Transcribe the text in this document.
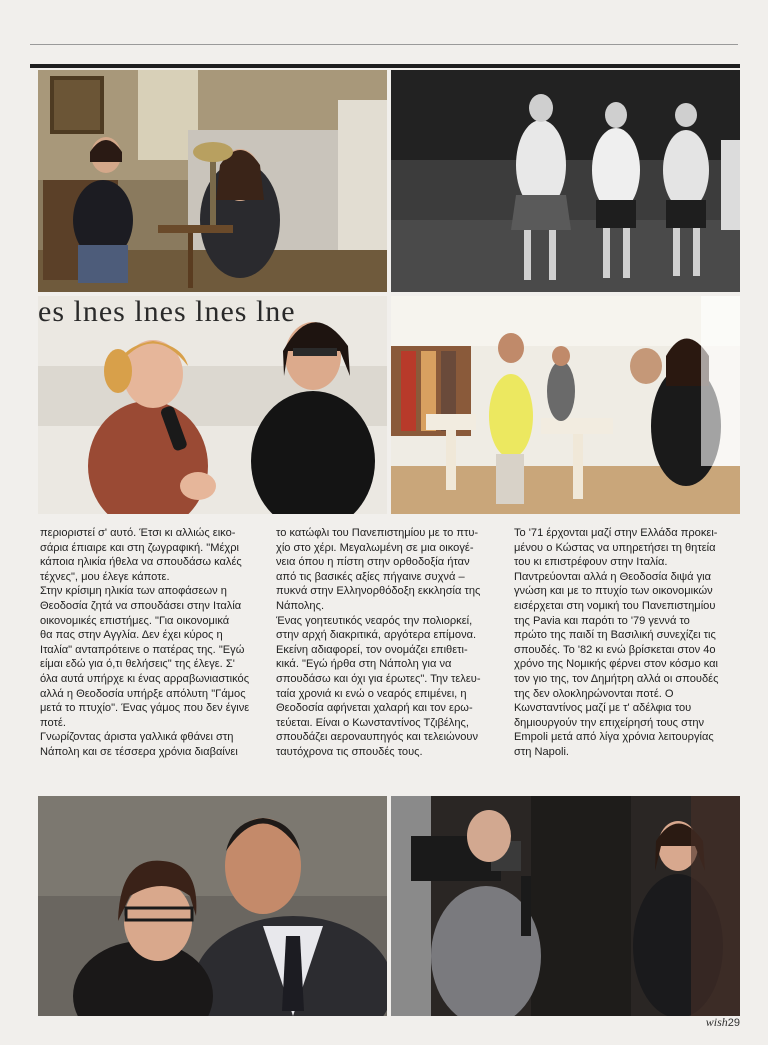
es lnes lnes lnes lne

περιοριστεί σ' αυτό. Έτσι κι αλλιώς εικο-
σάρια έπιαιρε και στη ζωγραφική. "Μέχρι
κάποια ηλικία ήθελα να σπουδάσω καλές
τέχνες", μου έλεγε κάποτε.
Στην κρίσιμη ηλικία των αποφάσεων η
Θεοδοσία ζητά να σπουδάσει στην Ιταλία
οικονομικές επιστήμες. "Για οικονομικά
θα πας στην Αγγλία. Δεν έχει κύρος η
Ιταλία" ανταπρότεινε ο πατέρας της. "Εγώ
είμαι εδώ για ό,τι θελήσεις" της έλεγε. Σ'
όλα αυτά υπήρχε κι ένας αρραβωνιαστικός
αλλά η Θεοδοσία υπήρξε απόλυτη "Γάμος
μετά το πτυχίο". Ένας γάμος που δεν έγινε
ποτέ.
Γνωρίζοντας άριστα γαλλικά φθάνει στη
Νάπολη και σε τέσσερα χρόνια διαβαίνει

το κατώφλι του Πανεπιστημίου με το πτυ-
χίο στο χέρι. Μεγαλωμένη σε μια οικογέ-
νεια όπου η πίστη στην ορθοδοξία ήταν
από τις βασικές αξίες πήγαινε συχνά –
πυκνά στην Ελληνορθόδοξη εκκλησία της
Νάπολης.
Ένας γοητευτικός νεαρός την πολιορκεί,
στην αρχή διακριτικά, αργότερα επίμονα.
Εκείνη αδιαφορεί, τον ονομάζει επιθετι-
κικά. "Εγώ ήρθα στη Νάπολη για να
σπουδάσω και όχι για έρωτες". Την τελευ-
ταία χρονιά κι ενώ ο νεαρός επιμένει, η
Θεοδοσία αφήνεται χαλαρή και τον ερω-
τεύεται. Είναι ο Κωνσταντίνος Τζιβέλης,
σπουδάζει αεροναυπηγός και τελειώνουν
ταυτόχρονα τις σπουδές τους.

Το '71 έρχονται μαζί στην Ελλάδα προκει-
μένου ο Κώστας να υπηρετήσει τη θητεία
του κι επιστρέφουν στην Ιταλία.
Παντρεύονται αλλά η Θεοδοσία διψά για
γνώση και με το πτυχίο των οικονομικών
εισέρχεται στη νομική του Πανεπιστημίου
της Pavia και παρότι το '79 γεννά το
πρώτο της παιδί τη Βασιλική συνεχίζει τις
σπουδές. Το '82 κι ενώ βρίσκεται στον 4ο
χρόνο της Νομικής φέρνει στον κόσμο και
τον γιο της, τον Δημήτρη αλλά οι σπουδές
της δεν ολοκληρώνονται ποτέ. Ο
Κωνσταντίνος μαζί με τ' αδέλφια του
δημιουργούν την επιχείρησή τους στην
Empoli μετά από λίγα χρόνια λειτουργίας
στη Napoli.

wish29
